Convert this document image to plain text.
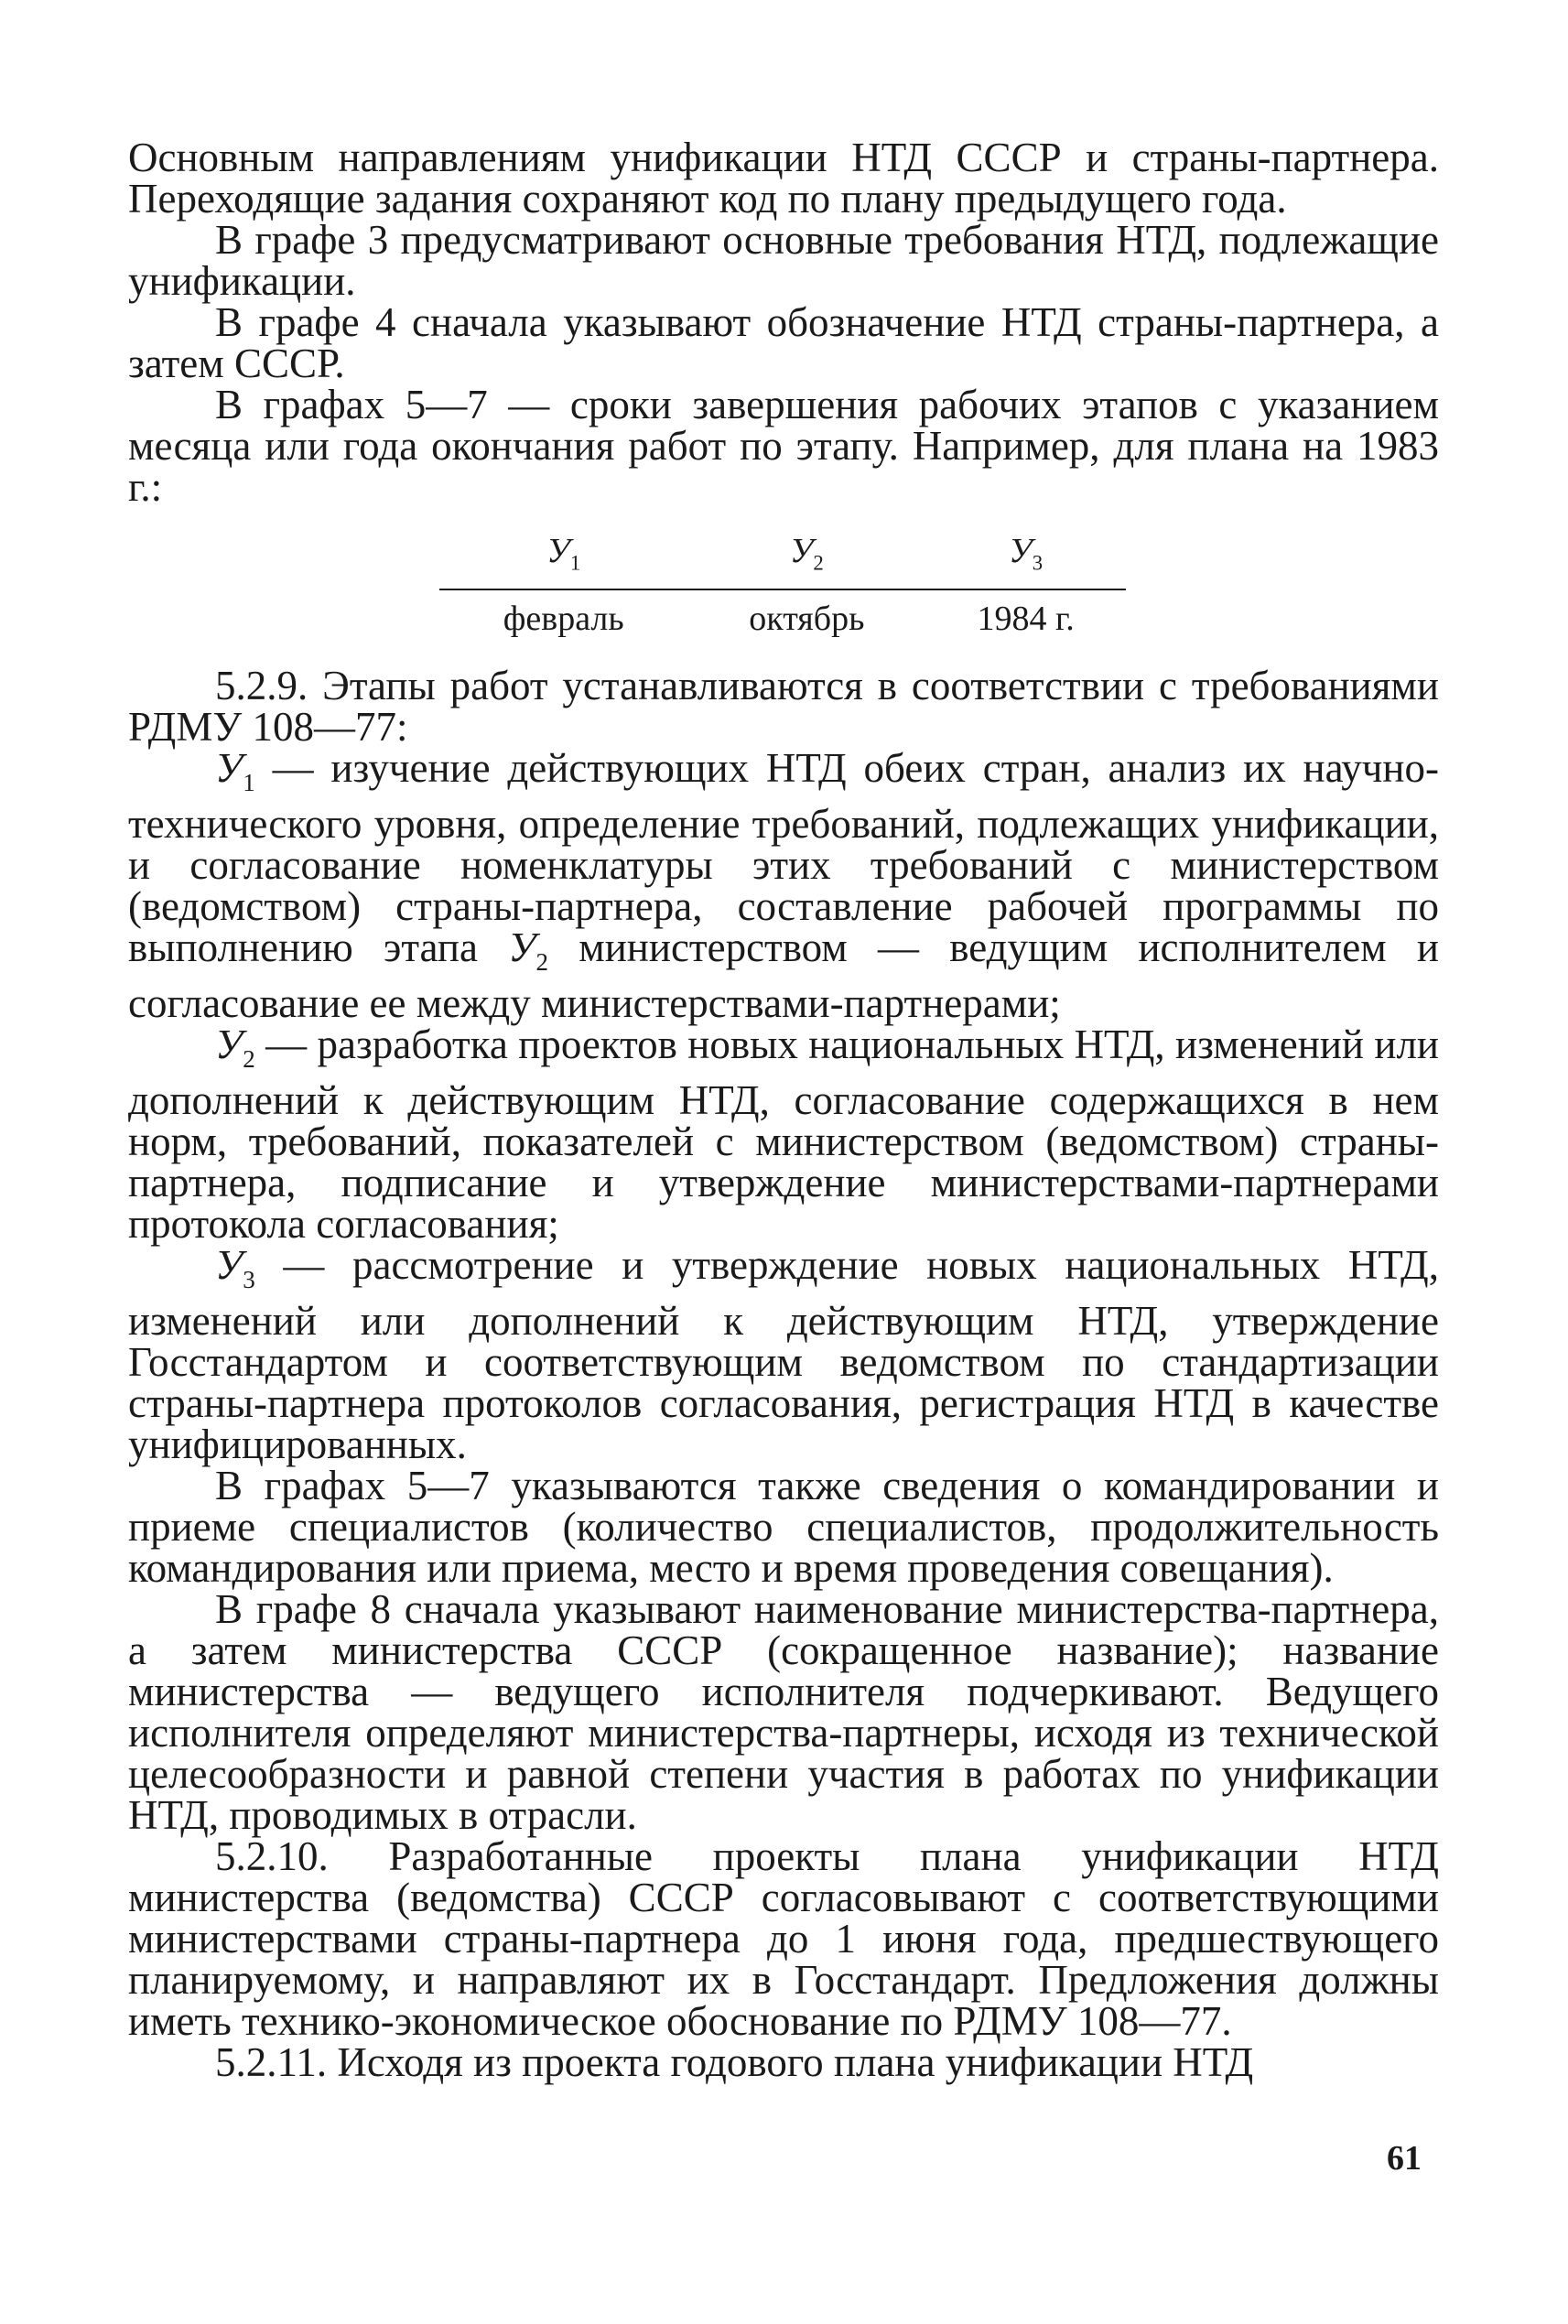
Основным направлениям унификации НТД СССР и страны-партнера. Переходящие задания сохраняют код по плану предыдущего года.

В графе 3 предусматривают основные требования НТД, подлежащие унификации.

В графе 4 сначала указывают обозначение НТД страны-партнера, а затем СССР.

В графах 5—7 — сроки завершения рабочих этапов с указанием месяца или года окончания работ по этапу. Например, для плана на 1983 г.:

$У_1$	$У_2$	$У_3$
февраль	октябрь	1984 г.

5.2.9. Этапы работ устанавливаются в соответствии с требованиями РДМУ 108—77:

$У_1$ — изучение действующих НТД обеих стран, анализ их научно-технического уровня, определение требований, подлежащих унификации, и согласование номенклатуры этих требований с министерством (ведомством) страны-партнера, составление рабочей программы по выполнению этапа $У_2$ министерством — ведущим исполнителем и согласование ее между министерствами-партнерами;

$У_2$ — разработка проектов новых национальных НТД, изменений или дополнений к действующим НТД, согласование содержащихся в нем норм, требований, показателей с министерством (ведомством) страны-партнера, подписание и утверждение министерствами-партнерами протокола согласования;

$У_3$ — рассмотрение и утверждение новых национальных НТД, изменений или дополнений к действующим НТД, утверждение Госстандартом и соответствующим ведомством по стандартизации страны-партнера протоколов согласования, регистрация НТД в качестве унифицированных.

В графах 5—7 указываются также сведения о командировании и приеме специалистов (количество специалистов, продолжительность командирования или приема, место и время проведения совещания).

В графе 8 сначала указывают наименование министерства-партнера, а затем министерства СССР (сокращенное название); название министерства — ведущего исполнителя подчеркивают. Ведущего исполнителя определяют министерства-партнеры, исходя из технической целесообразности и равной степени участия в работах по унификации НТД, проводимых в отрасли.

5.2.10. Разработанные проекты плана унификации НТД министерства (ведомства) СССР согласовывают с соответствующими министерствами страны-партнера до 1 июня года, предшествующего планируемому, и направляют их в Госстандарт. Предложения должны иметь технико-экономическое обоснование по РДМУ 108—77.

5.2.11. Исходя из проекта годового плана унификации НТД

61
